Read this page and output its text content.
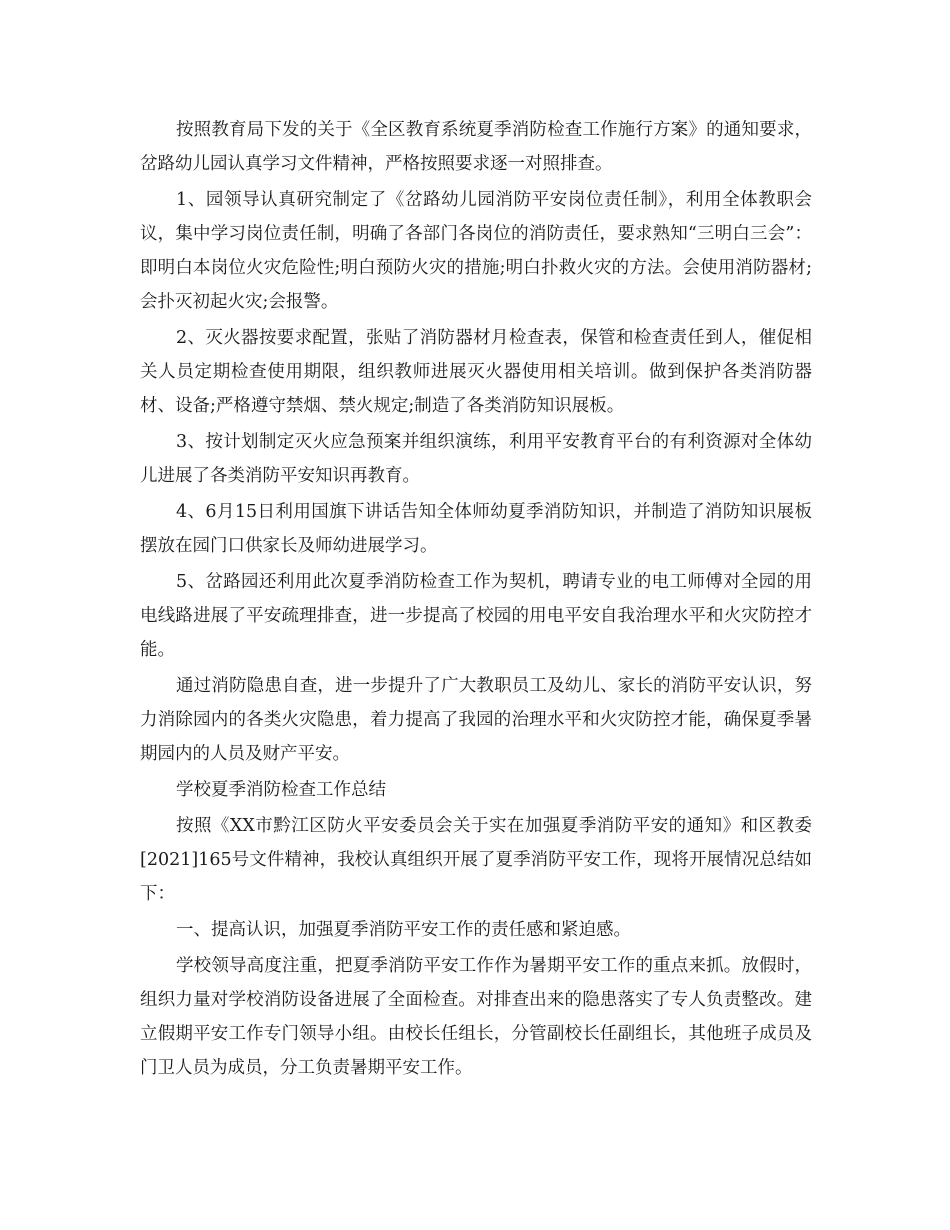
按照教育局下发的关于《全区教育系统夏季消防检查工作施行方案》的通知要求，岔路幼儿园认真学习文件精神，严格按照要求逐一对照排查。

1、园领导认真研究制定了《岔路幼儿园消防平安岗位责任制》，利用全体教职会议，集中学习岗位责任制，明确了各部门各岗位的消防责任，要求熟知“三明白三会”：即明白本岗位火灾危险性;明白预防火灾的措施;明白扑救火灾的方法。会使用消防器材;会扑灭初起火灾;会报警。

2、灭火器按要求配置，张贴了消防器材月检查表，保管和检查责任到人，催促相关人员定期检查使用期限，组织教师进展灭火器使用相关培训。做到保护各类消防器材、设备;严格遵守禁烟、禁火规定;制造了各类消防知识展板。

3、按计划制定灭火应急预案并组织演练，利用平安教育平台的有利资源对全体幼儿进展了各类消防平安知识再教育。

4、6月15日利用国旗下讲话告知全体师幼夏季消防知识，并制造了消防知识展板摆放在园门口供家长及师幼进展学习。

5、岔路园还利用此次夏季消防检查工作为契机，聘请专业的电工师傅对全园的用电线路进展了平安疏理排查，进一步提高了校园的用电平安自我治理水平和火灾防控才能。

通过消防隐患自查，进一步提升了广大教职员工及幼儿、家长的消防平安认识，努力消除园内的各类火灾隐患，着力提高了我园的治理水平和火灾防控才能，确保夏季暑期园内的人员及财产平安。

学校夏季消防检查工作总结

按照《XX市黔江区防火平安委员会关于实在加强夏季消防平安的通知》和区教委[2021]165号文件精神，我校认真组织开展了夏季消防平安工作，现将开展情况总结如下：

一、提高认识，加强夏季消防平安工作的责任感和紧迫感。

学校领导高度注重，把夏季消防平安工作作为暑期平安工作的重点来抓。放假时，组织力量对学校消防设备进展了全面检查。对排查出来的隐患落实了专人负责整改。建立假期平安工作专门领导小组。由校长任组长，分管副校长任副组长，其他班子成员及门卫人员为成员，分工负责暑期平安工作。
